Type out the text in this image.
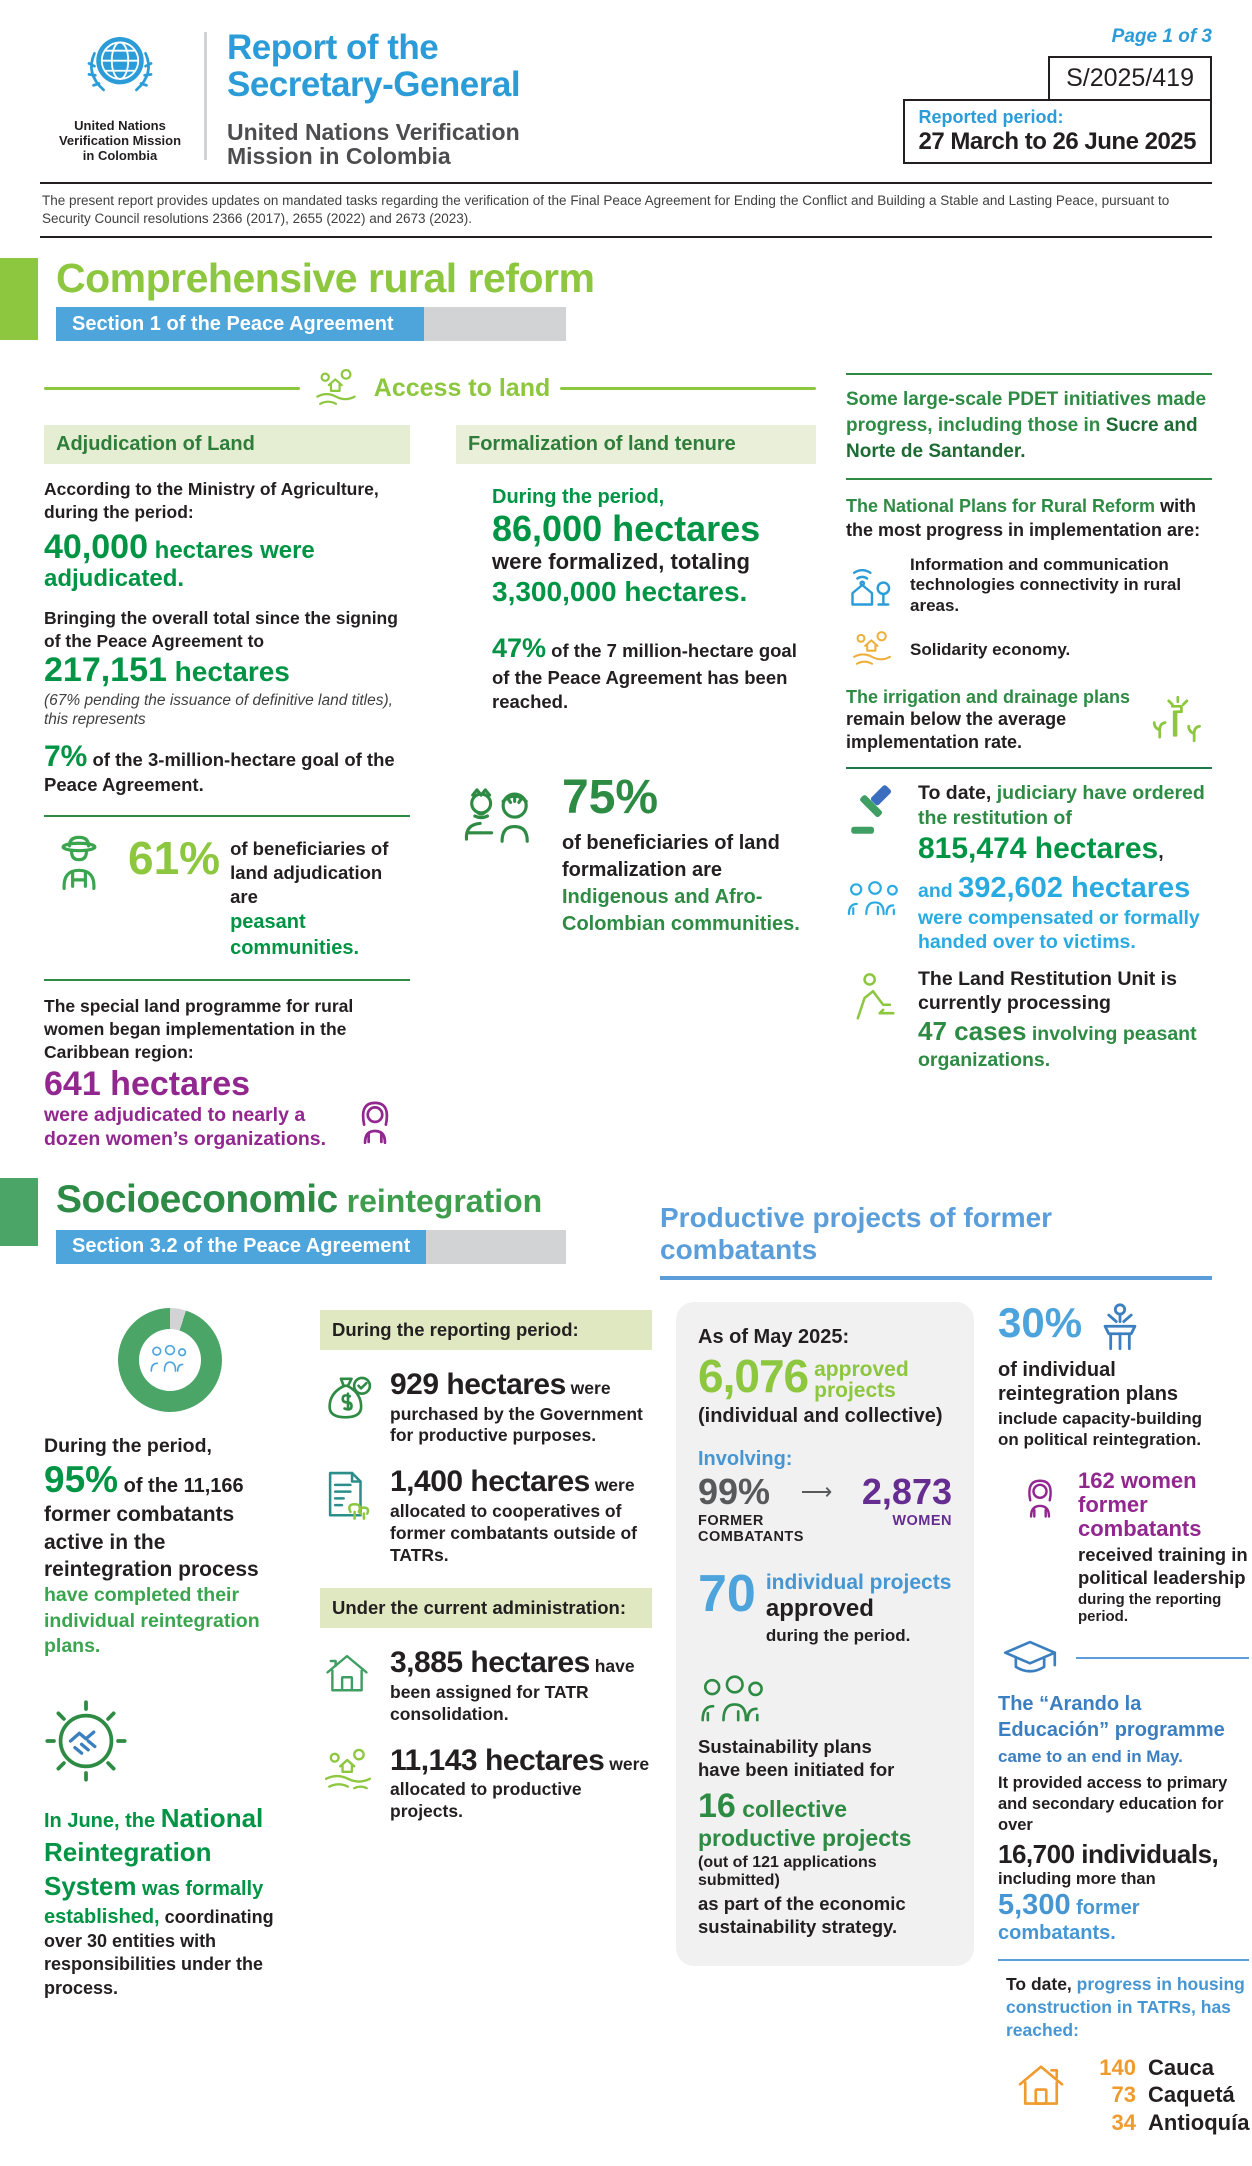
United Nations Verification Mission in Colombia
Report of the
Secretary-General
United Nations Verification
Mission in Colombia
Page 1 of 3
S/2025/419
Reported period:
27 March to 26 June 2025
The present report provides updates on mandated tasks regarding the verification of the Final Peace Agreement for Ending the Conflict and Building a Stable and Lasting Peace, pursuant to Security Council resolutions 2366 (2017), 2655 (2022) and 2673 (2023).
Comprehensive rural reform
Section 1 of the Peace Agreement
Access to land
Adjudication of Land
According to the Ministry of Agriculture, during the period:
40,000 hectares were adjudicated.
Bringing the overall total since the signing of the Peace Agreement to
217,151 hectares
(67% pending the issuance of definitive land titles), this represents
7% of the 3-million-hectare goal of the Peace Agreement.
61% of beneficiaries of land adjudication are
peasant communities.
The special land programme for rural women began implementation in the Caribbean region:
641 hectares
were adjudicated to nearly a dozen women’s organizations.
Formalization of land tenure
During the period,
86,000 hectares
were formalized, totaling
3,300,000 hectares.
47% of the 7 million-hectare goal of the Peace Agreement has been reached.
75%
of beneficiaries of land formalization are Indigenous and Afro-Colombian communities.
Some large-scale PDET initiatives made progress, including those in Sucre and Norte de Santander.
The National Plans for Rural Reform with the most progress in implementation are:
Information and communication technologies connectivity in rural areas.
Solidarity economy.
The irrigation and drainage plans remain below the average implementation rate.
To date, judiciary have ordered the restitution of
815,474 hectares,
and 392,602 hectares were compensated or formally handed over to victims.
The Land Restitution Unit is currently processing
47 cases involving peasant organizations.
Socioeconomic reintegration
Section 3.2 of the Peace Agreement
Productive projects of former combatants
During the period,
95% of the 11,166
former combatants active in the reintegration process
have completed their individual reintegration plans.
In June, the National Reintegration System was formally established, coordinating over 30 entities with responsibilities under the process.
During the reporting period:
929 hectares were purchased by the Government for productive purposes.
1,400 hectares were allocated to cooperatives of former combatants outside of TATRs.
Under the current administration:
3,885 hectares have been assigned for TATR consolidation.
11,143 hectares were allocated to productive projects.
As of May 2025:
6,076 approved
projects
(individual and collective)
Involving:
99%	⟶ 2,873
FORMER
COMBATANTS
WOMEN
70 individual projects
approved
during the period.
Sustainability plans
have been initiated for
16 collective productive projects
(out of 121 applications submitted)
as part of the economic sustainability strategy.
30%
of individual
reintegration plans
include capacity-building
on political reintegration.
162 women
former combatants
received training in
political leadership
during the reporting period.
The “Arando la Educación” programme came to an end in May.
It provided access to primary and secondary education for over
16,700 individuals, including more than
5,300 former combatants.
To date, progress in housing construction in TATRs, has reached:
140 Cauca
73 Caquetá
34 Antioquía
